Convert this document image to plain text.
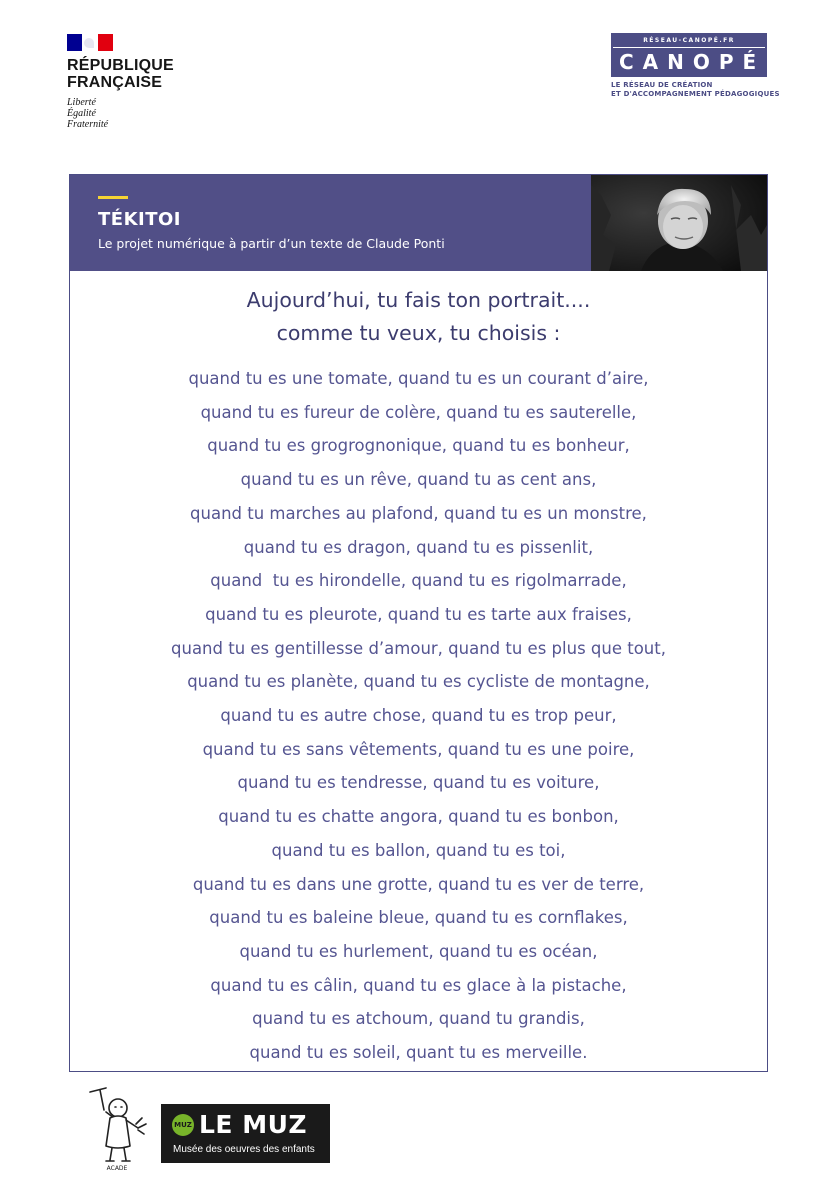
RÉPUBLIQUE
FRANÇAISE
Liberté
Égalité
Fraternité
RÉSEAU-CANOPÉ.FR
CANOPÉ
LE RÉSEAU DE CRÉATION
ET D'ACCOMPAGNEMENT PÉDAGOGIQUES
TÉKITOI
Le projet numérique à partir d’un texte de Claude Ponti
Aujourd’hui, tu fais ton portrait....
comme tu veux, tu choisis :
quand tu es une tomate, quand tu es un courant d’aire,
quand tu es fureur de colère, quand tu es sauterelle,
quand tu es grogrognonique, quand tu es bonheur,
quand tu es un rêve, quand tu as cent ans,
quand tu marches au plafond, quand tu es un monstre,
quand tu es dragon, quand tu es pissenlit,
quand  tu es hirondelle, quand tu es rigolmarrade,
quand tu es pleurote, quand tu es tarte aux fraises,
quand tu es gentillesse d’amour, quand tu es plus que tout,
quand tu es planète, quand tu es cycliste de montagne,
quand tu es autre chose, quand tu es trop peur,
quand tu es sans vêtements, quand tu es une poire,
quand tu es tendresse, quand tu es voiture,
quand tu es chatte angora, quand tu es bonbon,
quand tu es ballon, quand tu es toi,
quand tu es dans une grotte, quand tu es ver de terre,
quand tu es baleine bleue, quand tu es cornflakes,
quand tu es hurlement, quand tu es océan,
quand tu es câlin, quand tu es glace à la pistache,
quand tu es atchoum, quand tu grandis,
quand tu es soleil, quant tu es merveille.
ACADE
MUZ LE MUZ
Musée des oeuvres des enfants
